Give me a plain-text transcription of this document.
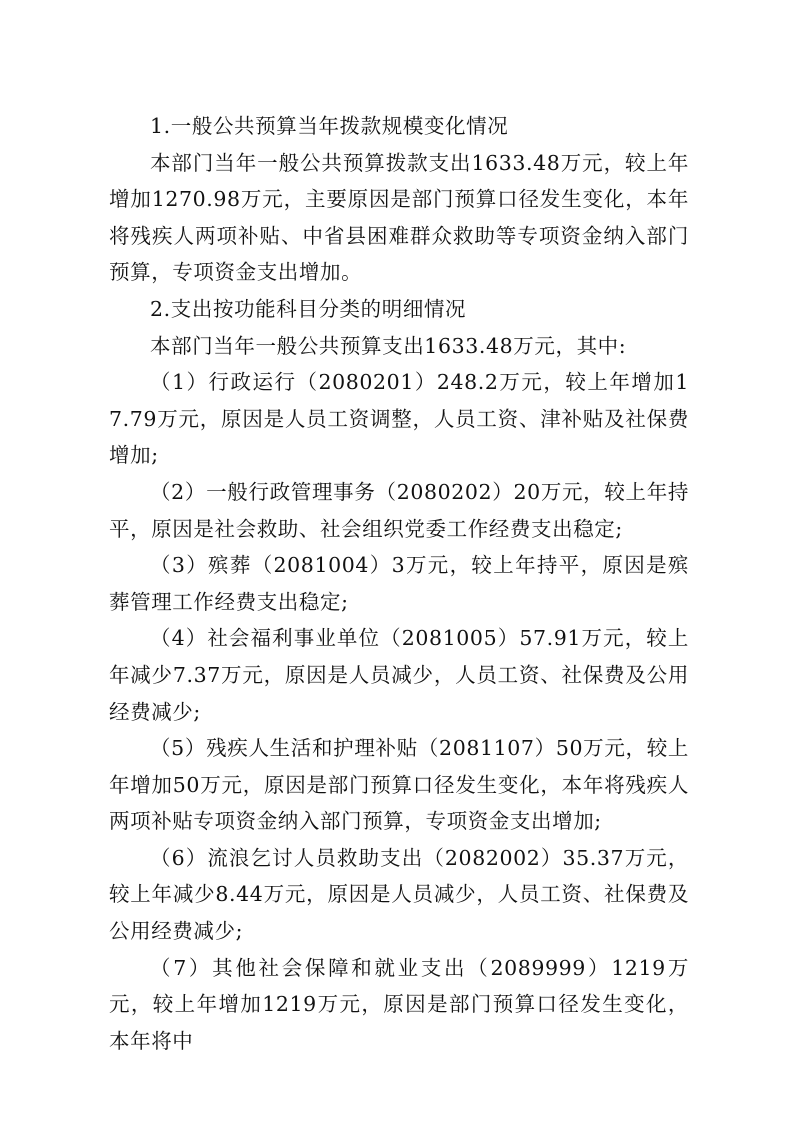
1.一般公共预算当年拨款规模变化情况

本部门当年一般公共预算拨款支出1633.48万元，较上年增加1270.98万元，主要原因是部门预算口径发生变化，本年将残疾人两项补贴、中省县困难群众救助等专项资金纳入部门预算，专项资金支出增加。

2.支出按功能科目分类的明细情况

本部门当年一般公共预算支出1633.48万元，其中:

（1）行政运行（2080201）248.2万元，较上年增加17.79万元，原因是人员工资调整，人员工资、津补贴及社保费增加;

（2）一般行政管理事务（2080202）20万元，较上年持平，原因是社会救助、社会组织党委工作经费支出稳定;

（3）殡葬（2081004）3万元，较上年持平，原因是殡葬管理工作经费支出稳定;

（4）社会福利事业单位（2081005）57.91万元，较上年减少7.37万元，原因是人员减少，人员工资、社保费及公用经费减少;

（5）残疾人生活和护理补贴（2081107）50万元，较上年增加50万元，原因是部门预算口径发生变化，本年将残疾人两项补贴专项资金纳入部门预算，专项资金支出增加;

（6）流浪乞讨人员救助支出（2082002）35.37万元，较上年减少8.44万元，原因是人员减少，人员工资、社保费及公用经费减少;

（7）其他社会保障和就业支出（2089999）1219万元，较上年增加1219万元，原因是部门预算口径发生变化，本年将中
